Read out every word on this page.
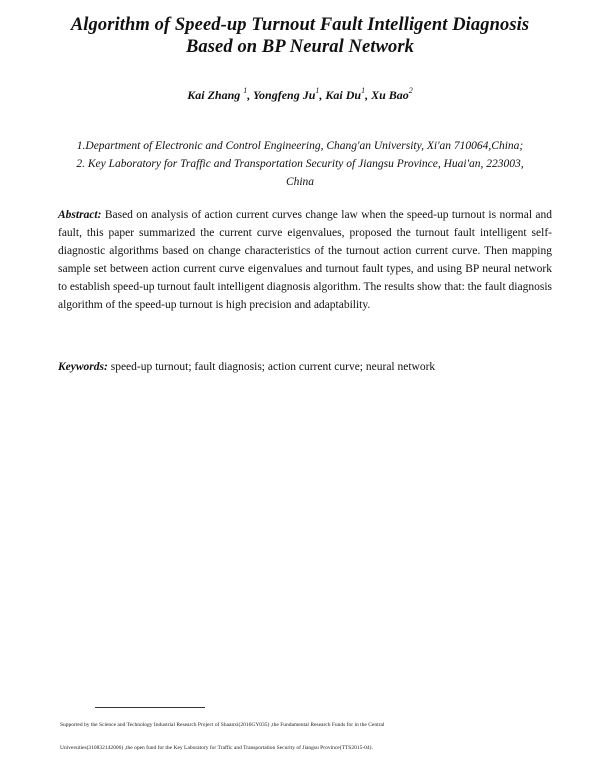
Algorithm of Speed-up Turnout Fault Intelligent Diagnosis
Based on BP Neural Network
Kai Zhang $^1$, Yongfeng Ju$^1$, Kai Du$^1$, Xu Bao$^2$
1.Department of Electronic and Control Engineering, Chang'an University, Xi'an 710064,China;
2. Key Laboratory for Traffic and Transportation Security of Jiangsu Province, Huai'an, 223003,
China
Abstract: Based on analysis of action current curves change law when the speed-up turnout is normal and fault, this paper summarized the current curve eigenvalues, proposed the turnout fault intelligent self-diagnostic algorithms based on change characteristics of the turnout action current curve. Then mapping sample set between action current curve eigenvalues and turnout fault types, and using BP neural network to establish speed-up turnout fault intelligent diagnosis algorithm. The results show that: the fault diagnosis algorithm of the speed-up turnout is high precision and adaptability.
Keywords: speed-up turnout; fault diagnosis; action current curve; neural network
Supported by the Science and Technology Industrial Research Project of Shaanxi(2016GY035) ,the Fundamental Research Funds for in the Central
Universities(310832142006) ,the open fund for the Key Laboratory for Traffic and Transportation Security of Jiangsu Province(TTS2015-04).
